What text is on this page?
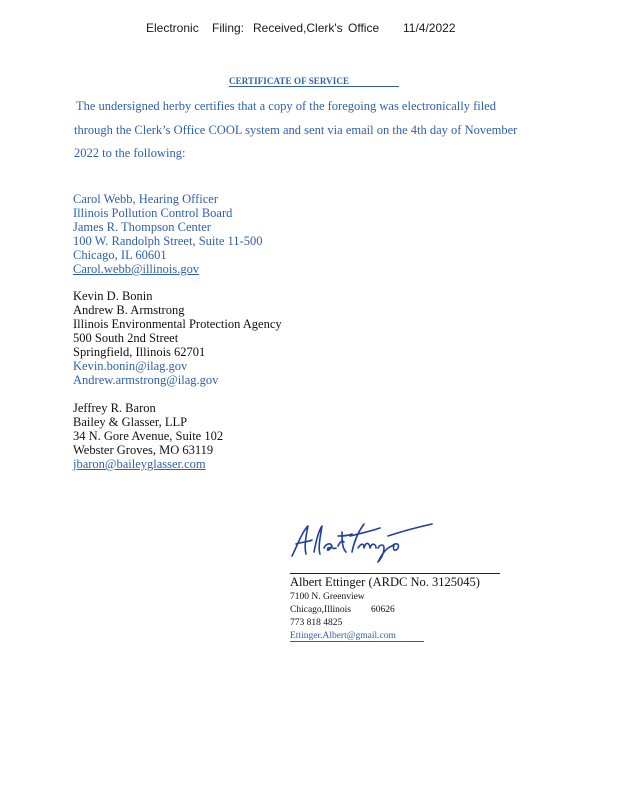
Electronic Filing: Received,Clerk's Office 11/4/2022
CERTIFICATE OF SERVICE
The undersigned herby certifies that a copy of the foregoing was electronically filed
through the Clerk’s Office COOL system and sent via email on the 4th day of November
2022 to the following:
Carol Webb, Hearing Officer
Illinois Pollution Control Board
James R. Thompson Center
100 W. Randolph Street, Suite 11-500
Chicago, IL 60601
Carol.webb@illinois.gov
Kevin D. Bonin
Andrew B. Armstrong
Illinois Environmental Protection Agency
500 South 2nd Street
Springfield, Illinois 62701
Kevin.bonin@ilag.gov
Andrew.armstrong@ilag.gov
Jeffrey R. Baron
Bailey & Glasser, LLP
34 N. Gore Avenue, Suite 102
Webster Groves, MO 63119
jbaron@baileyglasser.com
Albert Ettinger (ARDC No. 3125045)
7100 N. Greenview
Chicago,Illinois 60626
773 818 4825
Ettinger.Albert@gmail.com
